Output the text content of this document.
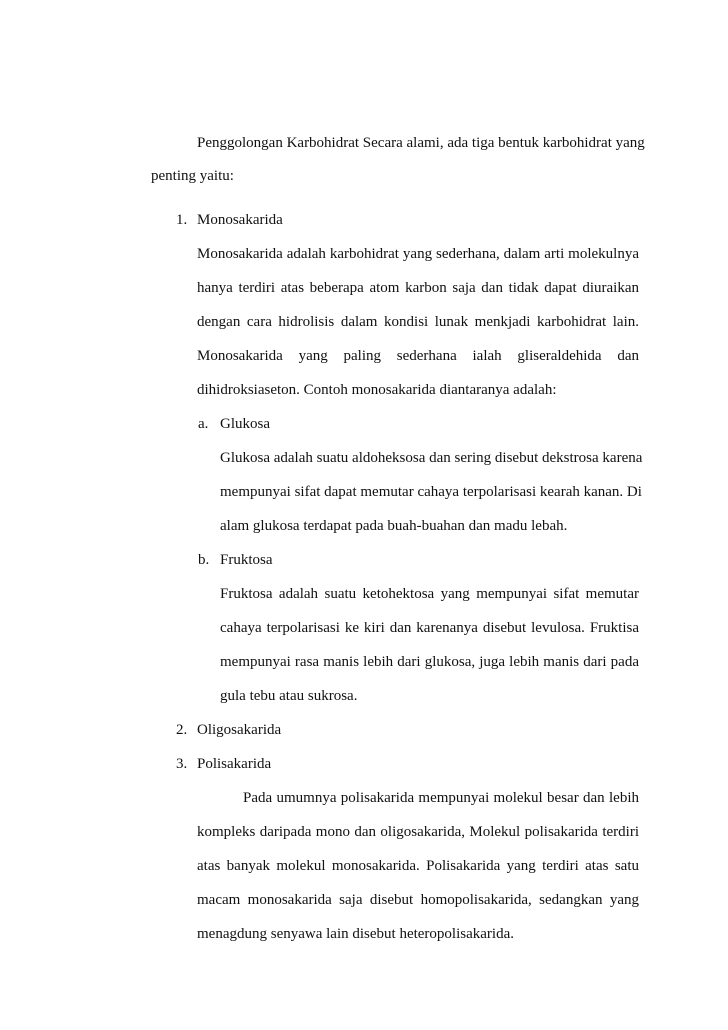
Penggolongan Karbohidrat Secara alami, ada tiga bentuk karbohidrat yang
penting yaitu:
1. Monosakarida
Monosakarida adalah karbohidrat yang sederhana, dalam arti molekulnya
hanya terdiri atas beberapa atom karbon saja dan tidak dapat diuraikan
dengan cara hidrolisis dalam kondisi lunak menkjadi karbohidrat lain.
Monosakarida yang paling sederhana ialah gliseraldehida dan
dihidroksiaseton. Contoh monosakarida diantaranya adalah:
a. Glukosa
Glukosa adalah suatu aldoheksosa dan sering disebut dekstrosa karena
mempunyai sifat dapat memutar cahaya terpolarisasi kearah kanan. Di
alam glukosa terdapat pada buah-buahan dan madu lebah.
b. Fruktosa
Fruktosa adalah suatu ketohektosa yang mempunyai sifat memutar
cahaya terpolarisasi ke kiri dan karenanya disebut levulosa. Fruktisa
mempunyai rasa manis lebih dari glukosa, juga lebih manis dari pada
gula tebu atau sukrosa.
2. Oligosakarida
3. Polisakarida
Pada umumnya polisakarida mempunyai molekul besar dan lebih
kompleks daripada mono dan oligosakarida, Molekul polisakarida terdiri
atas banyak molekul monosakarida. Polisakarida yang terdiri atas satu
macam monosakarida saja disebut homopolisakarida, sedangkan yang
menagdung senyawa lain disebut heteropolisakarida.
